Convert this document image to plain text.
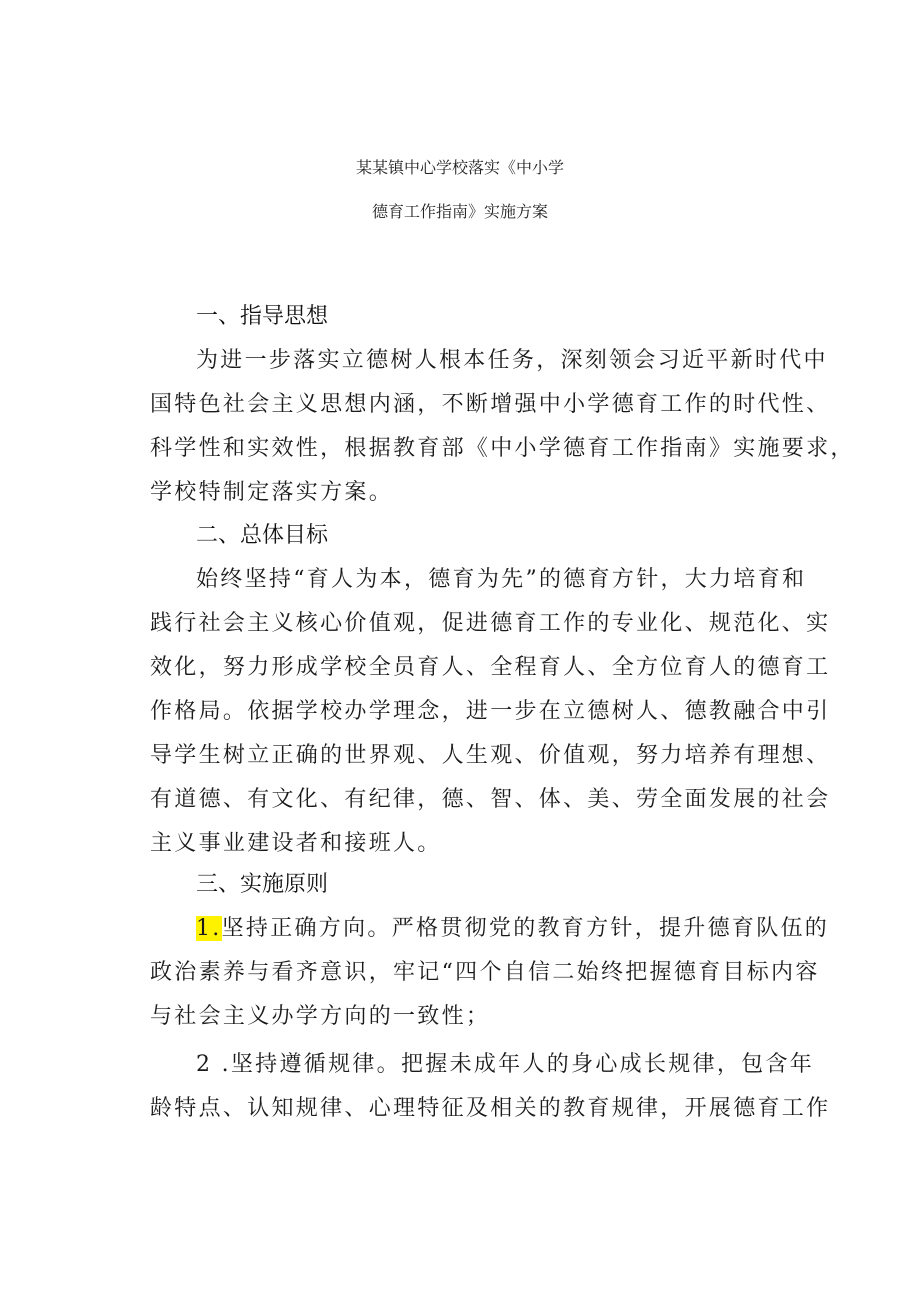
某某镇中心学校落实《中小学
德育工作指南》实施方案
一、指导思想
为进一步落实立德树人根本任务，深刻领会习近平新时代中
国特色社会主义思想内涵，不断增强中小学德育工作的时代性、
科学性和实效性，根据教育部《中小学德育工作指南》实施要求，
学校特制定落实方案。
二、总体目标
始终坚持“育人为本，德育为先”的德育方针，大力培育和
践行社会主义核心价值观，促进德育工作的专业化、规范化、实
效化，努力形成学校全员育人、全程育人、全方位育人的德育工
作格局。依据学校办学理念，进一步在立德树人、德教融合中引
导学生树立正确的世界观、人生观、价值观，努力培养有理想、
有道德、有文化、有纪律，德、智、体、美、劳全面发展的社会
主义事业建设者和接班人。
三、实施原则
1.坚持正确方向。严格贯彻党的教育方针，提升德育队伍的
政治素养与看齐意识，牢记“四个自信二始终把握德育目标内容
与社会主义办学方向的一致性；
2 .坚持遵循规律。把握未成年人的身心成长规律，包含年
龄特点、认知规律、心理特征及相关的教育规律，开展德育工作
